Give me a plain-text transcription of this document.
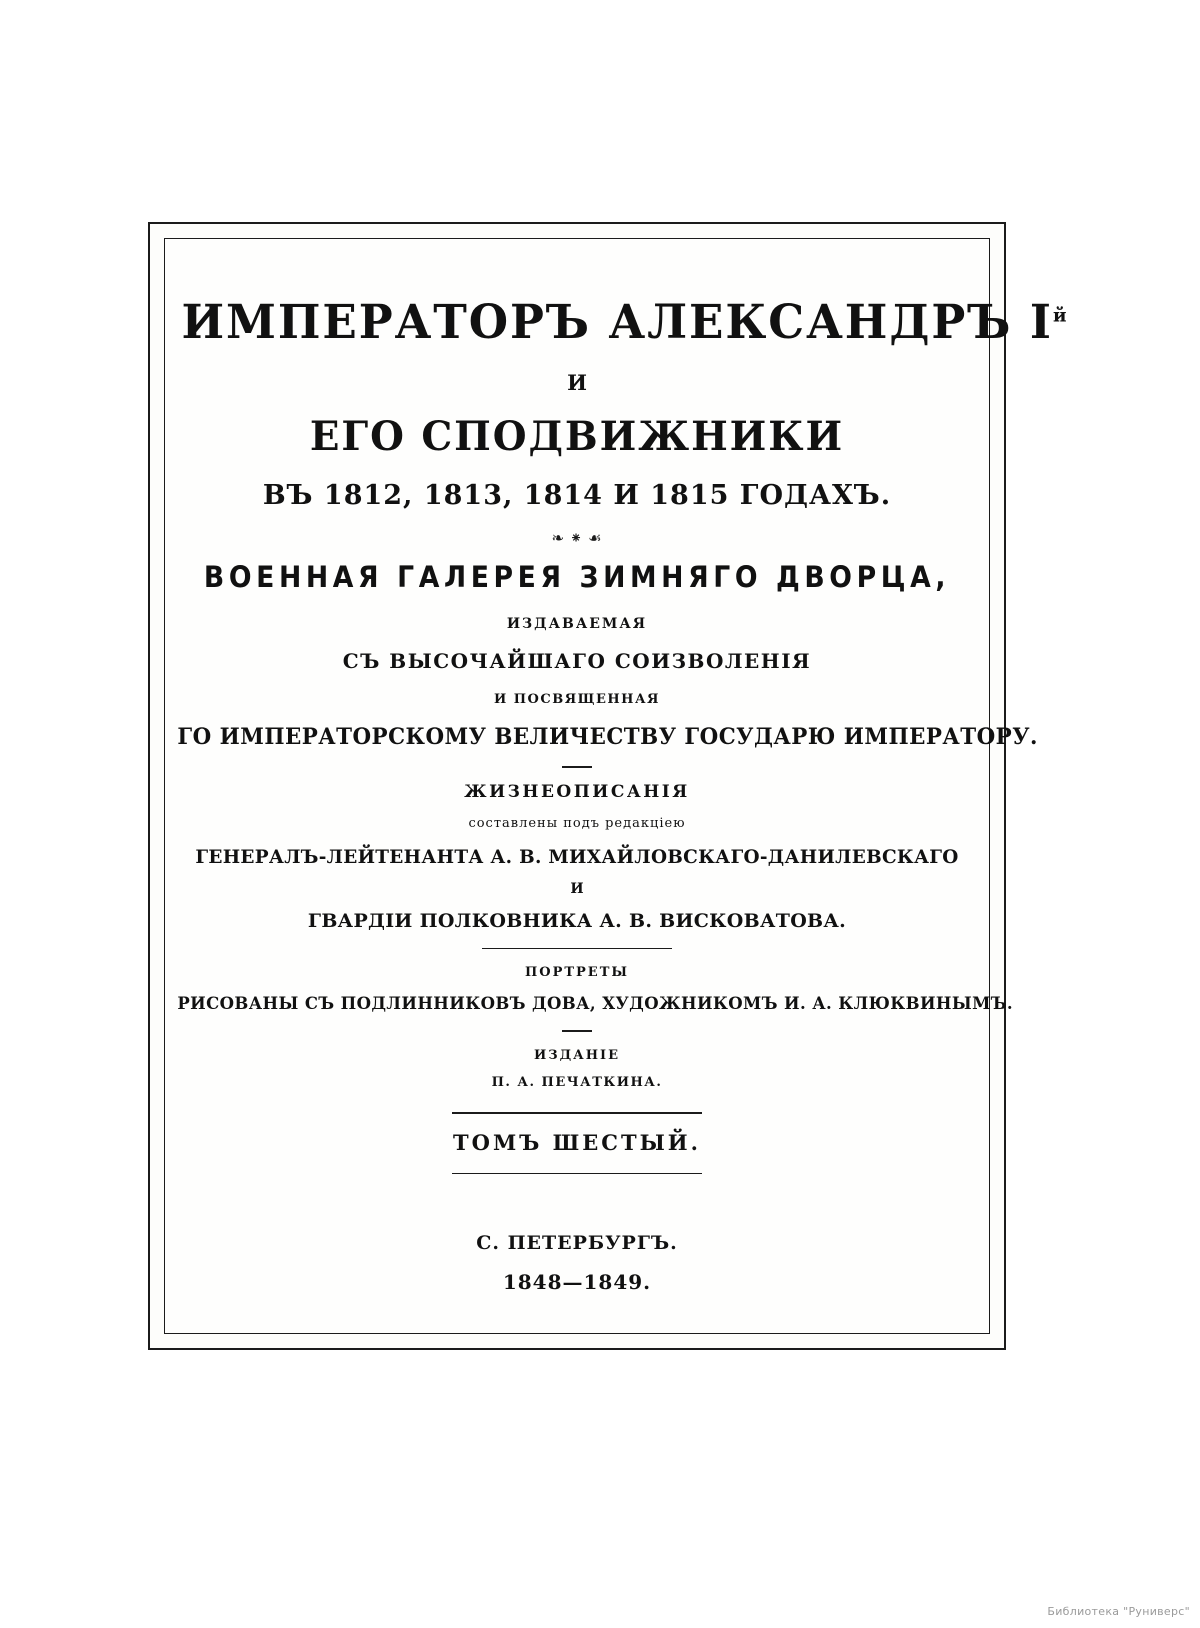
ИМПЕРАТОРЪ АЛЕКСАНДРЪ $I^й$
И
ЕГО СПОДВИЖНИКИ
ВЪ 1812, 1813, 1814 И 1815 ГОДАХЪ.
❧ ⁕ ☙
ВОЕННАЯ ГАЛЕРЕЯ ЗИМНЯГО ДВОРЦА,
ИЗДАВАЕМАЯ
СЪ ВЫСОЧАЙШАГО СОИЗВОЛЕНІЯ
И ПОСВЯЩЕННАЯ
ГО ИМПЕРАТОРСКОМУ ВЕЛИЧЕСТВУ ГОСУДАРЮ ИМПЕРАТОРУ.
ЖИЗНЕОПИСАНІЯ
составлены подъ редакціею
ГЕНЕРАЛЪ-ЛЕЙТЕНАНТА А. В. МИХАЙЛОВСКАГО-ДАНИЛЕВСКАГО
И
ГВАРДІИ ПОЛКОВНИКА А. В. ВИСКОВАТОВА.
ПОРТРЕТЫ
РИСОВАНЫ СЪ ПОДЛИННИКОВЪ ДОВА, ХУДОЖНИКОМЪ И. А. КЛЮКВИНЫМЪ.
ИЗДАНІЕ
П. А. ПЕЧАТКИНА.
ТОМЪ ШЕСТЫЙ.
С. ПЕТЕРБУРГЪ.
1848—1849.
Библиотека "Руниверс"
